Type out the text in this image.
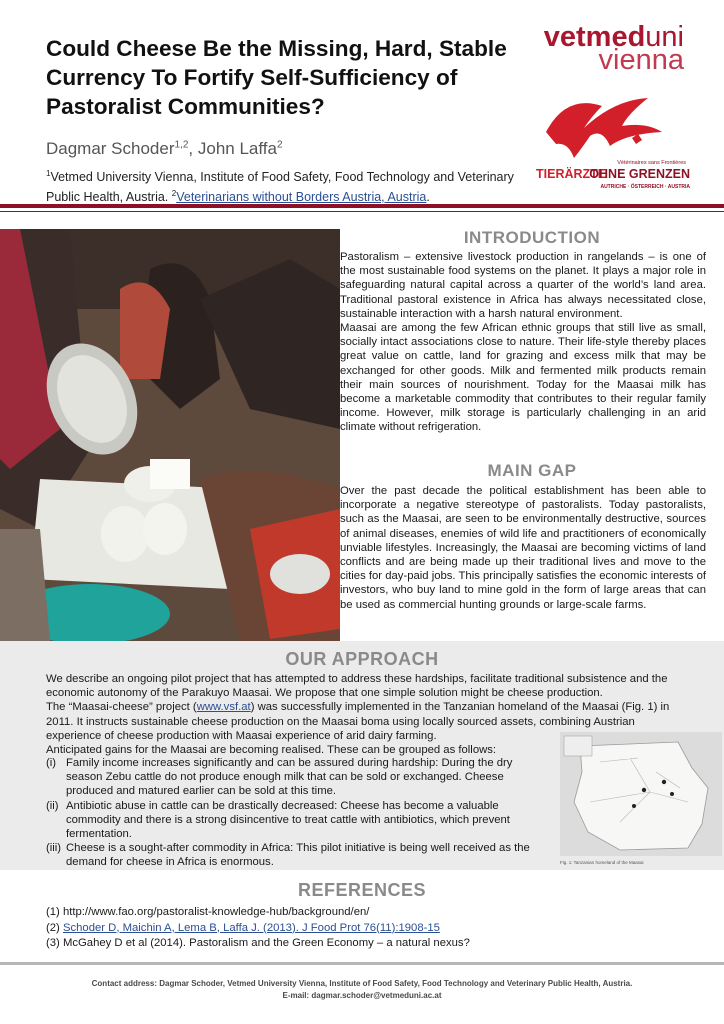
Could Cheese Be the Missing, Hard, Stable Currency To Fortify Self-Sufficiency of Pastoralist Communities?
Dagmar Schoder$^{1,2}$, John Laffa$^2$
$^1$Vetmed University Vienna, Institute of Food Safety, Food Technology and Veterinary Public Health, Austria. $^2$Veterinarians without Borders Austria, Austria.
vetmeduni
vienna
Vétérinaires sans Frontières
TIERÄRZTE
OHNE GRENZEN
AUTRICHE · ÖSTERREICH · AUSTRIA
INTRODUCTION

Pastoralism – extensive livestock production in rangelands – is one of the most sustainable food systems on the planet. It plays a major role in safeguarding natural capital across a quarter of the world’s land area. Traditional pastoral existence in Africa has always necessitated close, sustainable interaction with a harsh natural environment.

Maasai are among the few African ethnic groups that still live as small, socially intact associations close to nature. Their life-style thereby places great value on cattle, land for grazing and excess milk that may be exchanged for other goods. Milk and fermented milk products remain their main sources of nourishment. Today for the Maasai milk has become a marketable commodity that contributes to their regular family income. However, milk storage is particularly challenging in an arid climate without refrigeration.

MAIN GAP

Over the past decade the political establishment has been able to incorporate a negative stereotype of pastoralists. Today pastoralists, such as the Maasai, are seen to be environmentally destructive, sources of animal diseases, enemies of wild life and practitioners of economically unviable lifestyles. Increasingly, the Maasai are becoming victims of land conflicts and are being made up their traditional lives and move to the cities for day-paid jobs. This principally satisfies the economic interests of investors, who buy land to mine gold in the form of large areas that can be used as commercial hunting grounds or large-scale farms.

OUR APPROACH

We describe an ongoing pilot project that has attempted to address these hardships, facilitate traditional subsistence and the economic autonomy of the Parakuyo Maasai. We propose that one simple solution might be cheese production.

The “Maasai-cheese” project (www.vsf.at) was successfully implemented in the Tanzanian homeland of the Maasai (Fig. 1) in 2011. It instructs sustainable cheese production on the Maasai boma using locally sourced assets, combining Austrian experience of cheese production with Maasai experience of arid dairy farming.

Anticipated gains for the Maasai are becoming realised. These can be grouped as follows:

(i) Family income increases significantly and can be assured during hardship: During the dry season Zebu cattle do not produce enough milk that can be sold or exchanged. Cheese produced and matured earlier can be sold at this time.
(ii) Antibiotic abuse in cattle can be drastically decreased: Cheese has become a valuable commodity and there is a strong disincentive to treat cattle with antibiotics, which prevent fermentation.
(iii) Cheese is a sought-after commodity in Africa: This pilot initiative is being well received as the demand for cheese in Africa is enormous.	Fig. 1: Tanzanian homeland of the Maasai
REFERENCES
(1) http://www.fao.org/pastoralist-knowledge-hub/background/en/
(2) Schoder D, Maichin A, Lema B, Laffa J. (2013). J Food Prot 76(11):1908-15
(3) McGahey D et al (2014). Pastoralism and the Green Economy – a natural nexus?
Contact address: Dagmar Schoder, Vetmed University Vienna, Institute of Food Safety, Food Technology and Veterinary Public Health, Austria.
E-mail: dagmar.schoder@vetmeduni.ac.at
